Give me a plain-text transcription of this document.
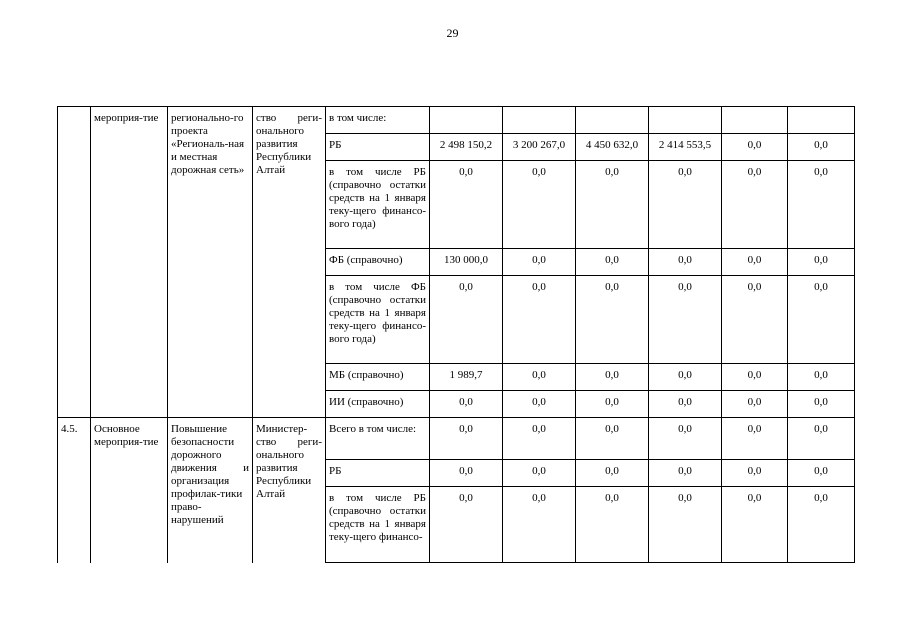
29
	мероприя-тие	регионально-го проекта «Региональ-ная и местная дорожная сеть»	ство реги-онального развития Республики Алтай	в том числе:						
				РБ	2 498 150,2	3 200 267,0	4 450 632,0	2 414 553,5	0,0	0,0
				в том числе РБ (справочно остатки средств на 1 января теку-щего финансо-вого года)	0,0	0,0	0,0	0,0	0,0	0,0
				ФБ (справочно)	130 000,0	0,0	0,0	0,0	0,0	0,0
				в том числе ФБ (справочно остатки средств на 1 января теку-щего финансо-вого года)	0,0	0,0	0,0	0,0	0,0	0,0
				МБ (справочно)	1 989,7	0,0	0,0	0,0	0,0	0,0
				ИИ (справочно)	0,0	0,0	0,0	0,0	0,0	0,0
4.5.	Основное мероприя-тие	Повышение безопасности дорожного движения и организация профилак-тики право-нарушений	Министер-ство реги-онального развития Республики Алтай	Всего в том числе:	0,0	0,0	0,0	0,0	0,0	0,0
				РБ	0,0	0,0	0,0	0,0	0,0	0,0
				в том числе РБ (справочно остатки средств на 1 января теку-щего финансо-	0,0	0,0	0,0	0,0	0,0	0,0
